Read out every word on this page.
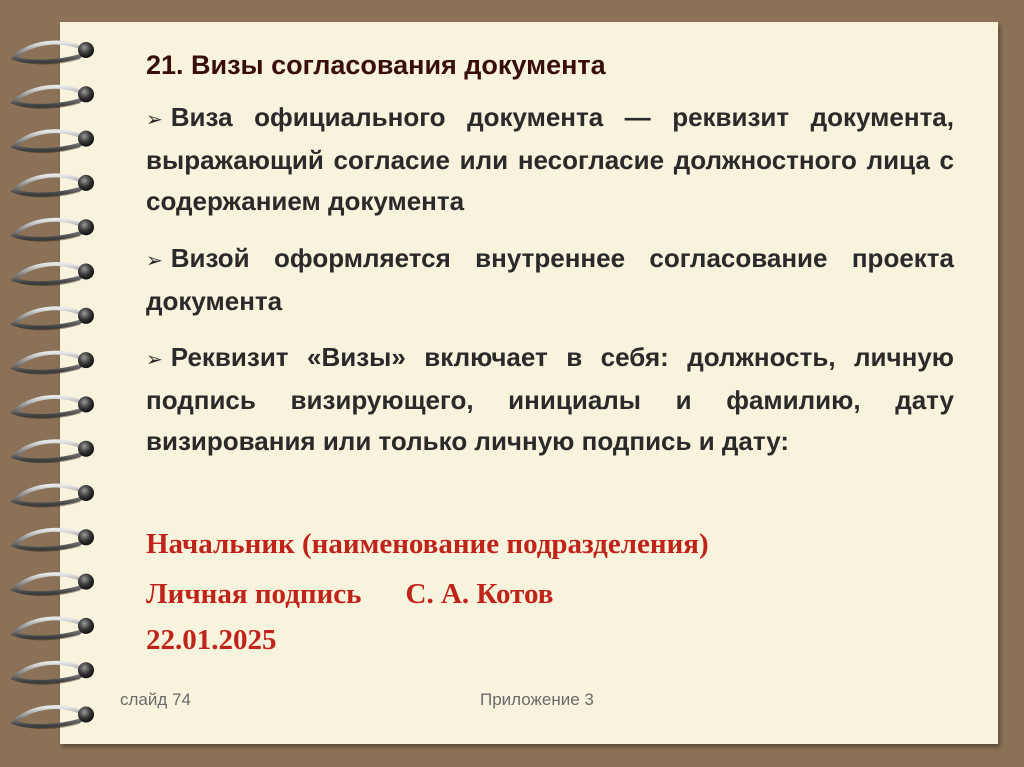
21. Визы согласования документа
➢ Виза официального документа — реквизит документа, выражающий согласие или несогласие должностного лица с содержанием документа
➢ Визой оформляется внутреннее согласование проекта документа
➢ Реквизит «Визы» включает в себя: должность, личную подпись визирующего, инициалы и фамилию, дату визирования или только личную подпись и дату:
Начальник (наименование подразделения)
Личная подпись С. А. Котов
22.01.2025
слайд 74	Приложение 3
